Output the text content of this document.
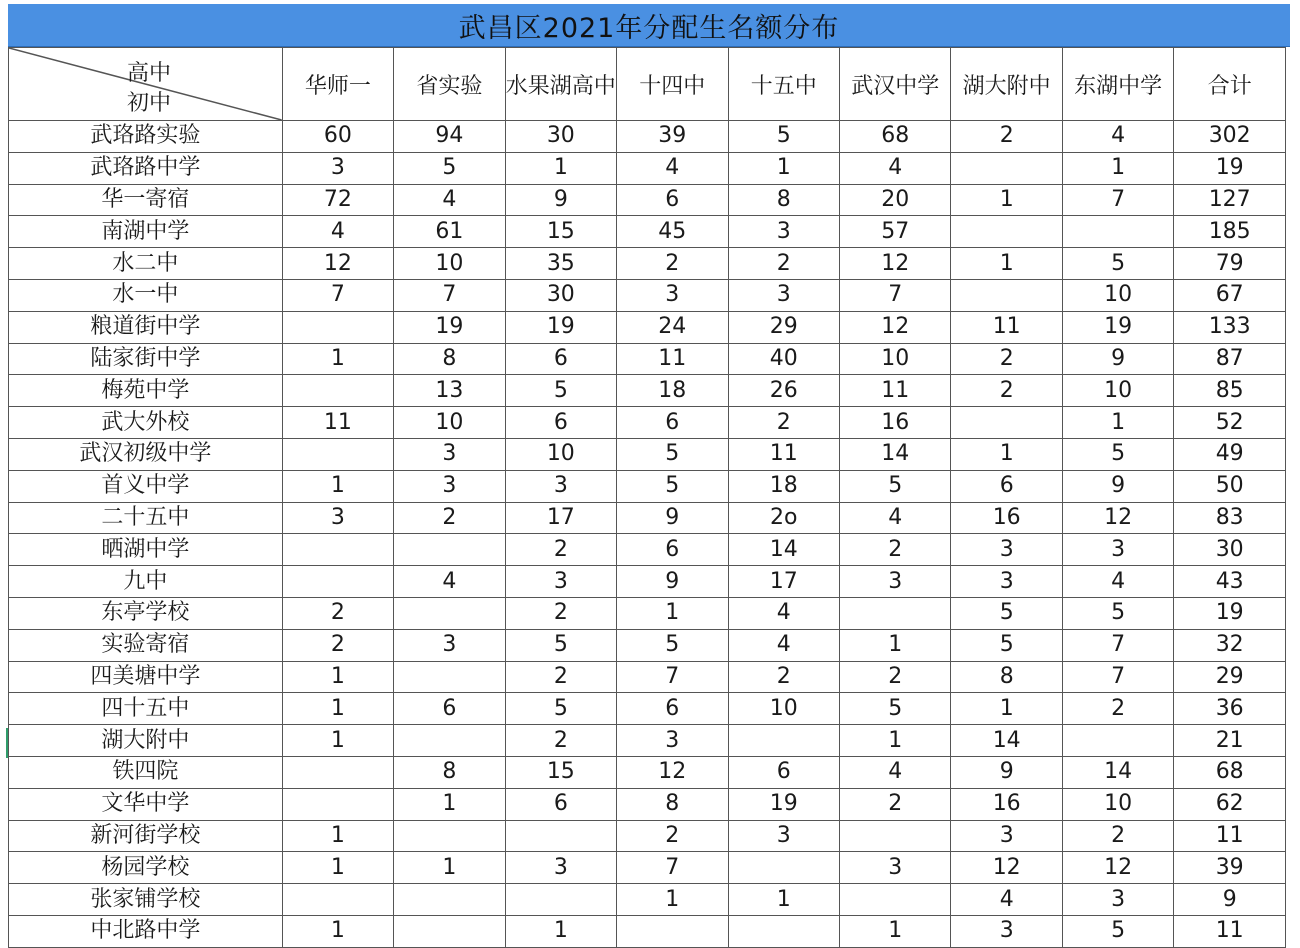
武昌区2021年分配生名额分布
高中
初中	华师一	省实验	水果湖高中	十四中	十五中	武汉中学	湖大附中	东湖中学	合计
武珞路实验	60	94	30	39	5	68	2	4	302
武珞路中学	3	5	1	4	1	4		1	19
华一寄宿	72	4	9	6	8	20	1	7	127
南湖中学	4	61	15	45	3	57			185
水二中	12	10	35	2	2	12	1	5	79
水一中	7	7	30	3	3	7		10	67
粮道街中学		19	19	24	29	12	11	19	133
陆家街中学	1	8	6	11	40	10	2	9	87
梅苑中学		13	5	18	26	11	2	10	85
武大外校	11	10	6	6	2	16		1	52
武汉初级中学		3	10	5	11	14	1	5	49
首义中学	1	3	3	5	18	5	6	9	50
二十五中	3	2	17	9	2o	4	16	12	83
晒湖中学			2	6	14	2	3	3	30
九中		4	3	9	17	3	3	4	43
东亭学校	2		2	1	4		5	5	19
实验寄宿	2	3	5	5	4	1	5	7	32
四美塘中学	1		2	7	2	2	8	7	29
四十五中	1	6	5	6	10	5	1	2	36
湖大附中	1		2	3		1	14		21
铁四院		8	15	12	6	4	9	14	68
文华中学		1	6	8	19	2	16	10	62
新河街学校	1			2	3		3	2	11
杨园学校	1	1	3	7		3	12	12	39
张家铺学校				1	1		4	3	9
中北路中学	1		1			1	3	5	11
